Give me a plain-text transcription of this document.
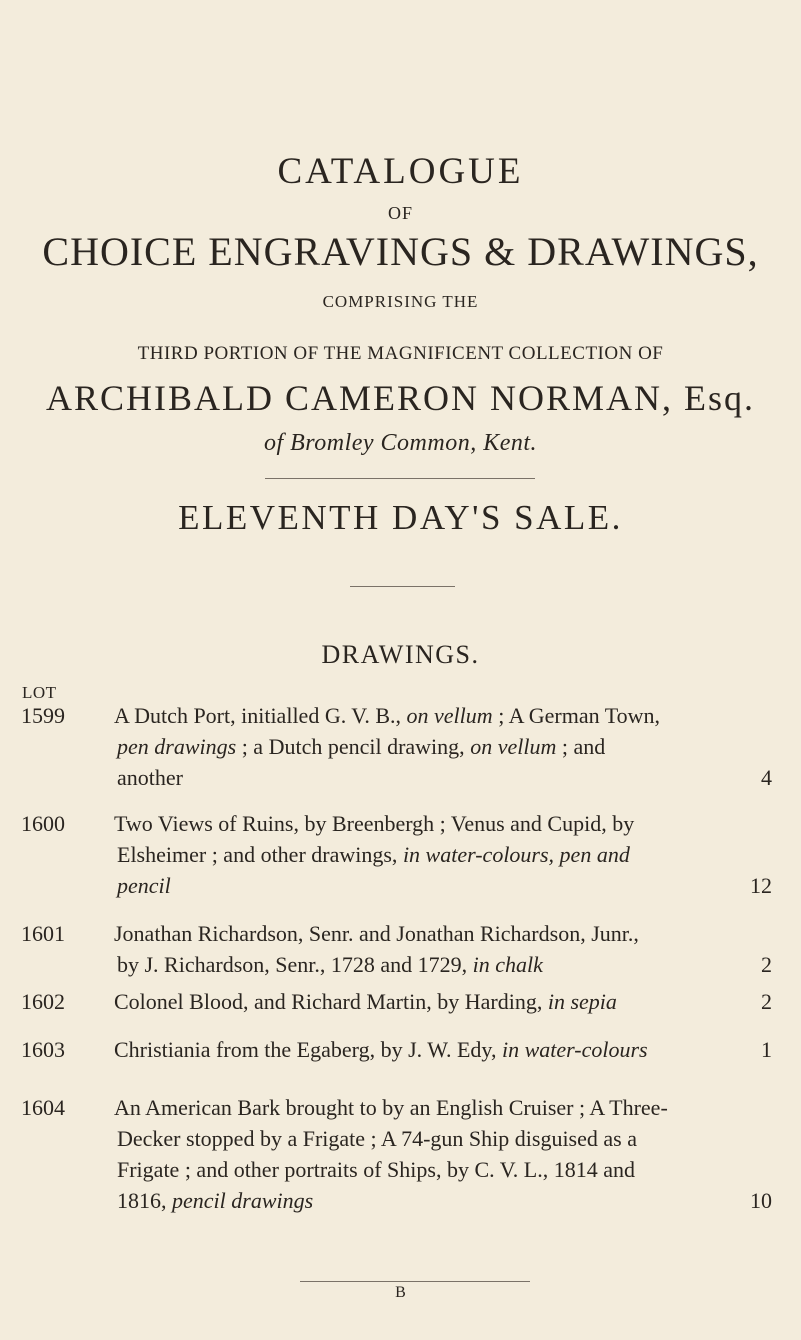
CATALOGUE
OF
CHOICE ENGRAVINGS & DRAWINGS,
COMPRISING THE
THIRD PORTION OF THE MAGNIFICENT COLLECTION OF
ARCHIBALD CAMERON NORMAN, Esq.
of Bromley Common, Kent.
ELEVENTH DAY'S SALE.
DRAWINGS.
LOT
1599 A Dutch Port, initialled G. V. B., on vellum ; A German Town,
pen drawings ; a Dutch pencil drawing, on vellum ; and
another	4
1600 Two Views of Ruins, by Breenbergh ; Venus and Cupid, by
Elsheimer ; and other drawings, in water-colours, pen and
pencil	12
1601 Jonathan Richardson, Senr. and Jonathan Richardson, Junr.,
by J. Richardson, Senr., 1728 and 1729, in chalk	2
1602 Colonel Blood, and Richard Martin, by Harding, in sepia	2
1603 Christiania from the Egaberg, by J. W. Edy, in water-colours	1
1604 An American Bark brought to by an English Cruiser ; A Three-
Decker stopped by a Frigate ; A 74-gun Ship disguised as a
Frigate ; and other portraits of Ships, by C. V. L., 1814 and
1816, pencil drawings	10
B
